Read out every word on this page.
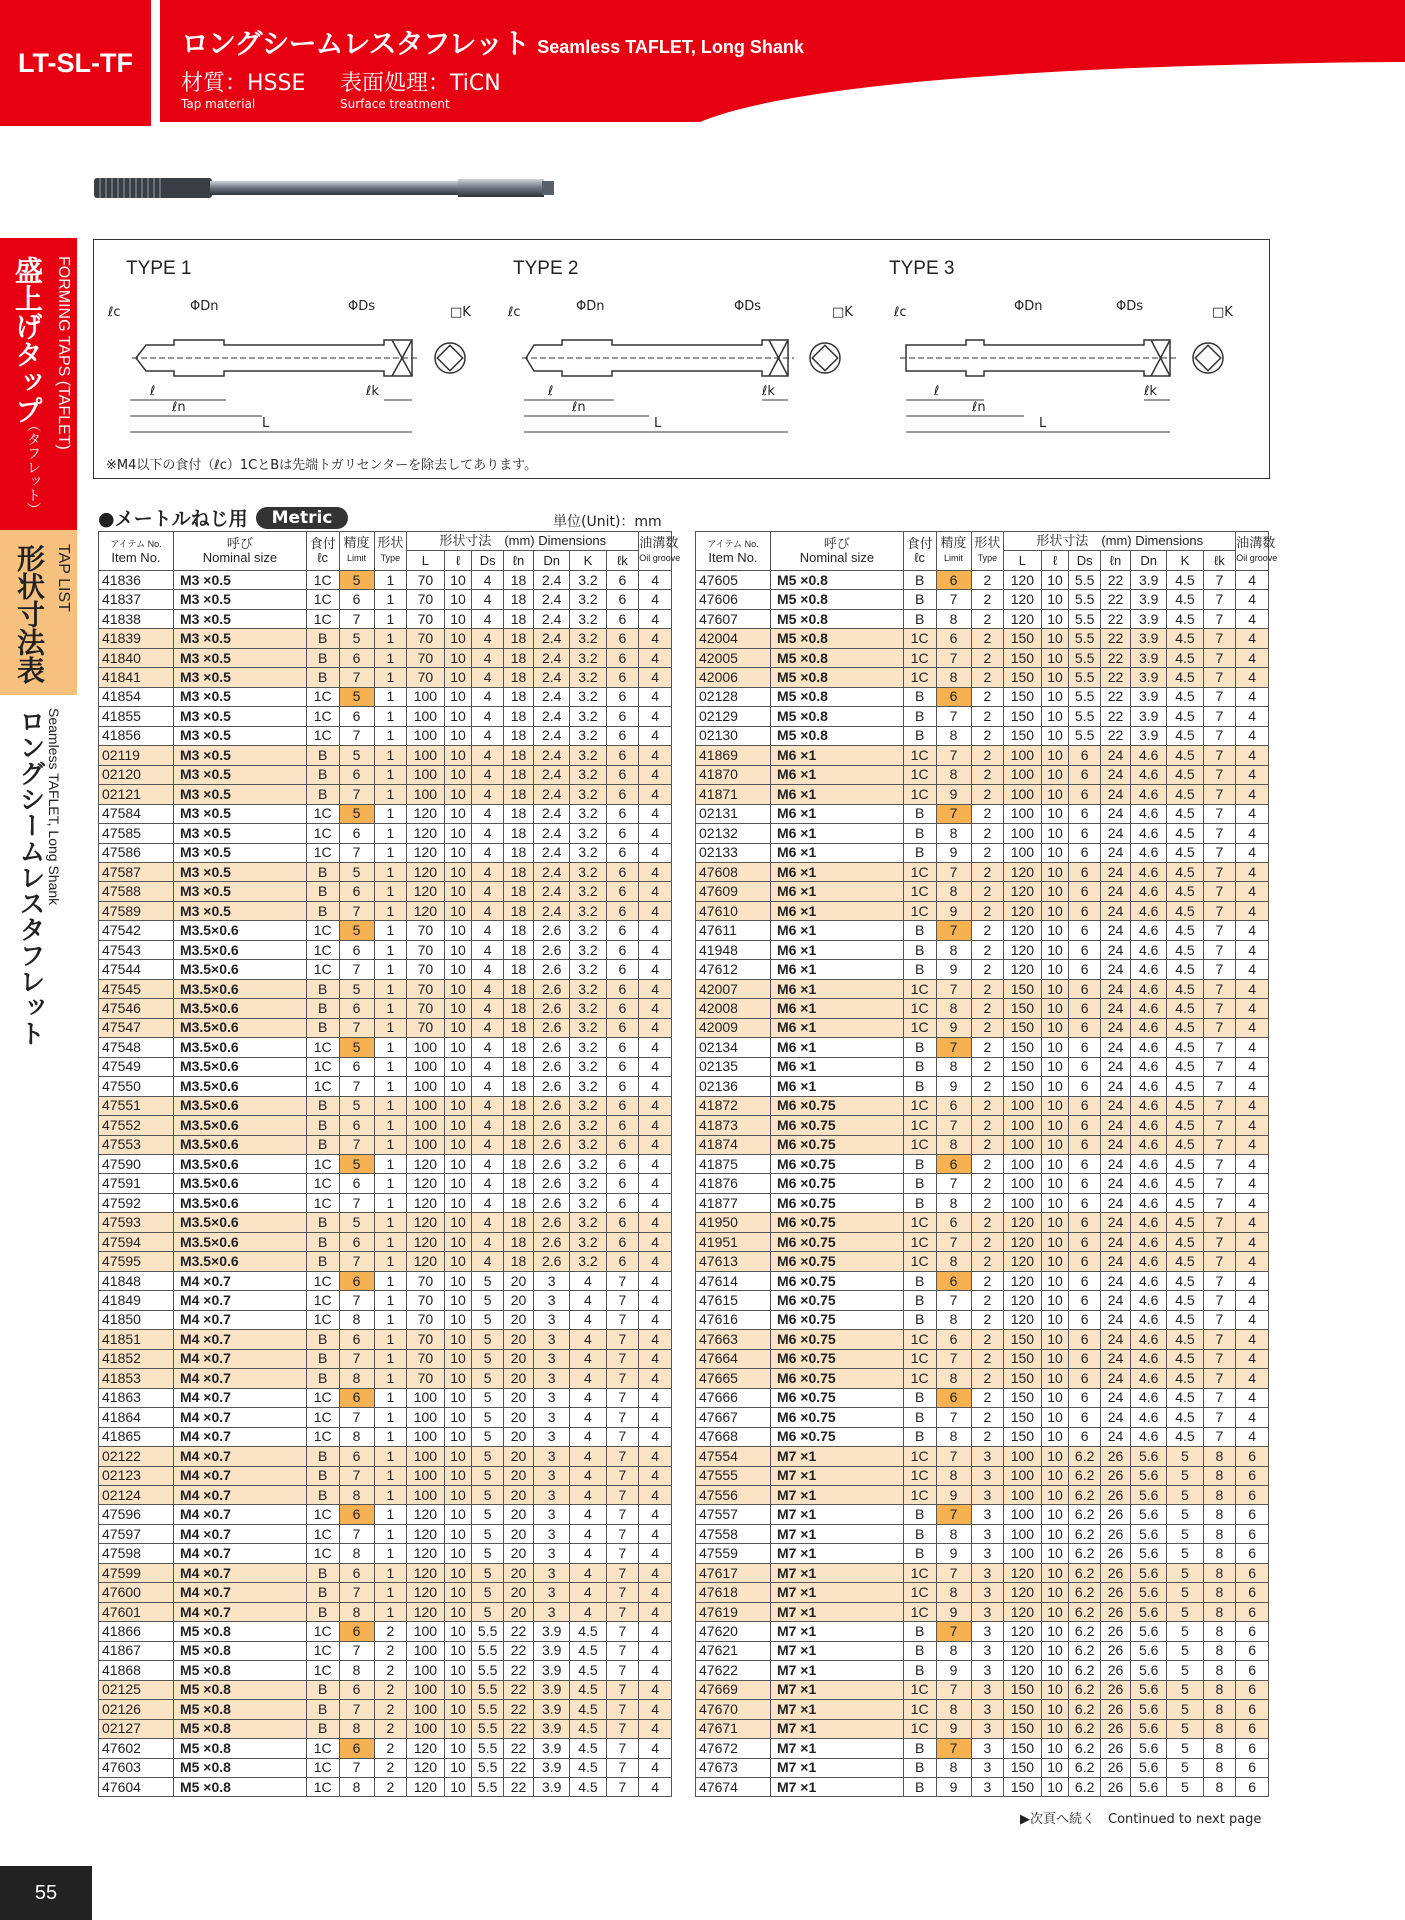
LT-SL-TF
ロングシームレスタフレット Seamless TAFLET, Long Shank
材質：HSSE
Tap material
表面処理：TiCN
Surface treatment
盛上げタップ
（タフレット）
FORMING TAPS (TAFLET)
形状寸法表 TAP LIST
Seamless TAFLET, Long Shank
ロングシームレスタフレット
TYPE 1	TYPE 2	TYPE 3
ℓc	ΦDn	ΦDs	□K
ℓ
ℓn
L
ℓk
ℓc	ΦDn	ΦDs	□K
ℓ
ℓn
L
ℓk
ℓc	ΦDn	ΦDs	□K
ℓ
ℓn
L
ℓk
※M4以下の食付（ℓc）1CとBは先端トガリセンターを除去してあります。
●メートルねじ用	Metric	単位(Unit)：mm
アイテム No.
Item No.	呼び
Nominal size	食付
ℓc	精度
Limit	形状
Type	形状寸法　(mm) Dimensions							油溝数
Oil groove
					L	ℓ	Ds	ℓn	Dn	K	ℓk	
41836	M3 ×0.5	1C	5	1	70	10	4	18	2.4	3.2	6	4
41837	M3 ×0.5	1C	6	1	70	10	4	18	2.4	3.2	6	4
41838	M3 ×0.5	1C	7	1	70	10	4	18	2.4	3.2	6	4
41839	M3 ×0.5	B	5	1	70	10	4	18	2.4	3.2	6	4
41840	M3 ×0.5	B	6	1	70	10	4	18	2.4	3.2	6	4
41841	M3 ×0.5	B	7	1	70	10	4	18	2.4	3.2	6	4
41854	M3 ×0.5	1C	5	1	100	10	4	18	2.4	3.2	6	4
41855	M3 ×0.5	1C	6	1	100	10	4	18	2.4	3.2	6	4
41856	M3 ×0.5	1C	7	1	100	10	4	18	2.4	3.2	6	4
02119	M3 ×0.5	B	5	1	100	10	4	18	2.4	3.2	6	4
02120	M3 ×0.5	B	6	1	100	10	4	18	2.4	3.2	6	4
02121	M3 ×0.5	B	7	1	100	10	4	18	2.4	3.2	6	4
47584	M3 ×0.5	1C	5	1	120	10	4	18	2.4	3.2	6	4
47585	M3 ×0.5	1C	6	1	120	10	4	18	2.4	3.2	6	4
47586	M3 ×0.5	1C	7	1	120	10	4	18	2.4	3.2	6	4
47587	M3 ×0.5	B	5	1	120	10	4	18	2.4	3.2	6	4
47588	M3 ×0.5	B	6	1	120	10	4	18	2.4	3.2	6	4
47589	M3 ×0.5	B	7	1	120	10	4	18	2.4	3.2	6	4
47542	M3.5×0.6	1C	5	1	70	10	4	18	2.6	3.2	6	4
47543	M3.5×0.6	1C	6	1	70	10	4	18	2.6	3.2	6	4
47544	M3.5×0.6	1C	7	1	70	10	4	18	2.6	3.2	6	4
47545	M3.5×0.6	B	5	1	70	10	4	18	2.6	3.2	6	4
47546	M3.5×0.6	B	6	1	70	10	4	18	2.6	3.2	6	4
47547	M3.5×0.6	B	7	1	70	10	4	18	2.6	3.2	6	4
47548	M3.5×0.6	1C	5	1	100	10	4	18	2.6	3.2	6	4
47549	M3.5×0.6	1C	6	1	100	10	4	18	2.6	3.2	6	4
47550	M3.5×0.6	1C	7	1	100	10	4	18	2.6	3.2	6	4
47551	M3.5×0.6	B	5	1	100	10	4	18	2.6	3.2	6	4
47552	M3.5×0.6	B	6	1	100	10	4	18	2.6	3.2	6	4
47553	M3.5×0.6	B	7	1	100	10	4	18	2.6	3.2	6	4
47590	M3.5×0.6	1C	5	1	120	10	4	18	2.6	3.2	6	4
47591	M3.5×0.6	1C	6	1	120	10	4	18	2.6	3.2	6	4
47592	M3.5×0.6	1C	7	1	120	10	4	18	2.6	3.2	6	4
47593	M3.5×0.6	B	5	1	120	10	4	18	2.6	3.2	6	4
47594	M3.5×0.6	B	6	1	120	10	4	18	2.6	3.2	6	4
47595	M3.5×0.6	B	7	1	120	10	4	18	2.6	3.2	6	4
41848	M4 ×0.7	1C	6	1	70	10	5	20	3	4	7	4
41849	M4 ×0.7	1C	7	1	70	10	5	20	3	4	7	4
41850	M4 ×0.7	1C	8	1	70	10	5	20	3	4	7	4
41851	M4 ×0.7	B	6	1	70	10	5	20	3	4	7	4
41852	M4 ×0.7	B	7	1	70	10	5	20	3	4	7	4
41853	M4 ×0.7	B	8	1	70	10	5	20	3	4	7	4
41863	M4 ×0.7	1C	6	1	100	10	5	20	3	4	7	4
41864	M4 ×0.7	1C	7	1	100	10	5	20	3	4	7	4
41865	M4 ×0.7	1C	8	1	100	10	5	20	3	4	7	4
02122	M4 ×0.7	B	6	1	100	10	5	20	3	4	7	4
02123	M4 ×0.7	B	7	1	100	10	5	20	3	4	7	4
02124	M4 ×0.7	B	8	1	100	10	5	20	3	4	7	4
47596	M4 ×0.7	1C	6	1	120	10	5	20	3	4	7	4
47597	M4 ×0.7	1C	7	1	120	10	5	20	3	4	7	4
47598	M4 ×0.7	1C	8	1	120	10	5	20	3	4	7	4
47599	M4 ×0.7	B	6	1	120	10	5	20	3	4	7	4
47600	M4 ×0.7	B	7	1	120	10	5	20	3	4	7	4
47601	M4 ×0.7	B	8	1	120	10	5	20	3	4	7	4
41866	M5 ×0.8	1C	6	2	100	10	5.5	22	3.9	4.5	7	4
41867	M5 ×0.8	1C	7	2	100	10	5.5	22	3.9	4.5	7	4
41868	M5 ×0.8	1C	8	2	100	10	5.5	22	3.9	4.5	7	4
02125	M5 ×0.8	B	6	2	100	10	5.5	22	3.9	4.5	7	4
02126	M5 ×0.8	B	7	2	100	10	5.5	22	3.9	4.5	7	4
02127	M5 ×0.8	B	8	2	100	10	5.5	22	3.9	4.5	7	4
47602	M5 ×0.8	1C	6	2	120	10	5.5	22	3.9	4.5	7	4
47603	M5 ×0.8	1C	7	2	120	10	5.5	22	3.9	4.5	7	4
47604	M5 ×0.8	1C	8	2	120	10	5.5	22	3.9	4.5	7	4
アイテム No.
Item No.	呼び
Nominal size	食付
ℓc	精度
Limit	形状
Type	形状寸法　(mm) Dimensions							油溝数
Oil groove
					L	ℓ	Ds	ℓn	Dn	K	ℓk	
47605	M5 ×0.8	B	6	2	120	10	5.5	22	3.9	4.5	7	4
47606	M5 ×0.8	B	7	2	120	10	5.5	22	3.9	4.5	7	4
47607	M5 ×0.8	B	8	2	120	10	5.5	22	3.9	4.5	7	4
42004	M5 ×0.8	1C	6	2	150	10	5.5	22	3.9	4.5	7	4
42005	M5 ×0.8	1C	7	2	150	10	5.5	22	3.9	4.5	7	4
42006	M5 ×0.8	1C	8	2	150	10	5.5	22	3.9	4.5	7	4
02128	M5 ×0.8	B	6	2	150	10	5.5	22	3.9	4.5	7	4
02129	M5 ×0.8	B	7	2	150	10	5.5	22	3.9	4.5	7	4
02130	M5 ×0.8	B	8	2	150	10	5.5	22	3.9	4.5	7	4
41869	M6 ×1	1C	7	2	100	10	6	24	4.6	4.5	7	4
41870	M6 ×1	1C	8	2	100	10	6	24	4.6	4.5	7	4
41871	M6 ×1	1C	9	2	100	10	6	24	4.6	4.5	7	4
02131	M6 ×1	B	7	2	100	10	6	24	4.6	4.5	7	4
02132	M6 ×1	B	8	2	100	10	6	24	4.6	4.5	7	4
02133	M6 ×1	B	9	2	100	10	6	24	4.6	4.5	7	4
47608	M6 ×1	1C	7	2	120	10	6	24	4.6	4.5	7	4
47609	M6 ×1	1C	8	2	120	10	6	24	4.6	4.5	7	4
47610	M6 ×1	1C	9	2	120	10	6	24	4.6	4.5	7	4
47611	M6 ×1	B	7	2	120	10	6	24	4.6	4.5	7	4
41948	M6 ×1	B	8	2	120	10	6	24	4.6	4.5	7	4
47612	M6 ×1	B	9	2	120	10	6	24	4.6	4.5	7	4
42007	M6 ×1	1C	7	2	150	10	6	24	4.6	4.5	7	4
42008	M6 ×1	1C	8	2	150	10	6	24	4.6	4.5	7	4
42009	M6 ×1	1C	9	2	150	10	6	24	4.6	4.5	7	4
02134	M6 ×1	B	7	2	150	10	6	24	4.6	4.5	7	4
02135	M6 ×1	B	8	2	150	10	6	24	4.6	4.5	7	4
02136	M6 ×1	B	9	2	150	10	6	24	4.6	4.5	7	4
41872	M6 ×0.75	1C	6	2	100	10	6	24	4.6	4.5	7	4
41873	M6 ×0.75	1C	7	2	100	10	6	24	4.6	4.5	7	4
41874	M6 ×0.75	1C	8	2	100	10	6	24	4.6	4.5	7	4
41875	M6 ×0.75	B	6	2	100	10	6	24	4.6	4.5	7	4
41876	M6 ×0.75	B	7	2	100	10	6	24	4.6	4.5	7	4
41877	M6 ×0.75	B	8	2	100	10	6	24	4.6	4.5	7	4
41950	M6 ×0.75	1C	6	2	120	10	6	24	4.6	4.5	7	4
41951	M6 ×0.75	1C	7	2	120	10	6	24	4.6	4.5	7	4
47613	M6 ×0.75	1C	8	2	120	10	6	24	4.6	4.5	7	4
47614	M6 ×0.75	B	6	2	120	10	6	24	4.6	4.5	7	4
47615	M6 ×0.75	B	7	2	120	10	6	24	4.6	4.5	7	4
47616	M6 ×0.75	B	8	2	120	10	6	24	4.6	4.5	7	4
47663	M6 ×0.75	1C	6	2	150	10	6	24	4.6	4.5	7	4
47664	M6 ×0.75	1C	7	2	150	10	6	24	4.6	4.5	7	4
47665	M6 ×0.75	1C	8	2	150	10	6	24	4.6	4.5	7	4
47666	M6 ×0.75	B	6	2	150	10	6	24	4.6	4.5	7	4
47667	M6 ×0.75	B	7	2	150	10	6	24	4.6	4.5	7	4
47668	M6 ×0.75	B	8	2	150	10	6	24	4.6	4.5	7	4
47554	M7 ×1	1C	7	3	100	10	6.2	26	5.6	5	8	6
47555	M7 ×1	1C	8	3	100	10	6.2	26	5.6	5	8	6
47556	M7 ×1	1C	9	3	100	10	6.2	26	5.6	5	8	6
47557	M7 ×1	B	7	3	100	10	6.2	26	5.6	5	8	6
47558	M7 ×1	B	8	3	100	10	6.2	26	5.6	5	8	6
47559	M7 ×1	B	9	3	100	10	6.2	26	5.6	5	8	6
47617	M7 ×1	1C	7	3	120	10	6.2	26	5.6	5	8	6
47618	M7 ×1	1C	8	3	120	10	6.2	26	5.6	5	8	6
47619	M7 ×1	1C	9	3	120	10	6.2	26	5.6	5	8	6
47620	M7 ×1	B	7	3	120	10	6.2	26	5.6	5	8	6
47621	M7 ×1	B	8	3	120	10	6.2	26	5.6	5	8	6
47622	M7 ×1	B	9	3	120	10	6.2	26	5.6	5	8	6
47669	M7 ×1	1C	7	3	150	10	6.2	26	5.6	5	8	6
47670	M7 ×1	1C	8	3	150	10	6.2	26	5.6	5	8	6
47671	M7 ×1	1C	9	3	150	10	6.2	26	5.6	5	8	6
47672	M7 ×1	B	7	3	150	10	6.2	26	5.6	5	8	6
47673	M7 ×1	B	8	3	150	10	6.2	26	5.6	5	8	6
47674	M7 ×1	B	9	3	150	10	6.2	26	5.6	5	8	6
▶次頁へ続く　Continued to next page
55
